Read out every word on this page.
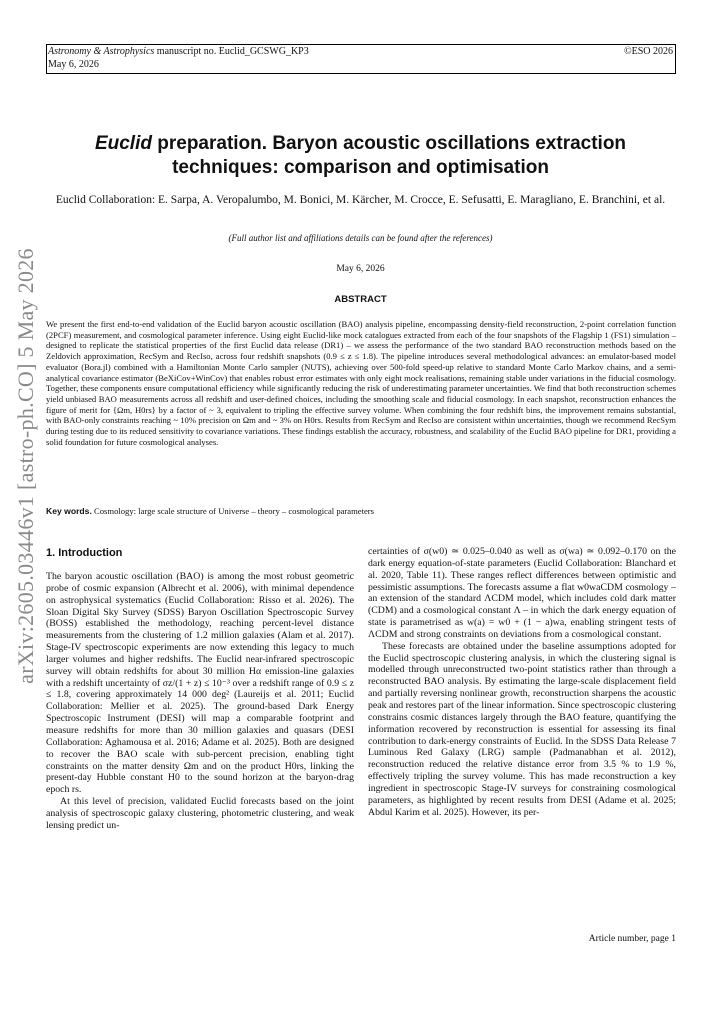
Astronomy & Astrophysics manuscript no. Euclid_GCSWG_KP3
May 6, 2026
©ESO 2026
arXiv:2605.03446v1 [astro-ph.CO] 5 May 2026
Euclid preparation. Baryon acoustic oscillations extraction techniques: comparison and optimisation
Euclid Collaboration: E. Sarpa, A. Veropalumbo, M. Bonici, M. Kärcher, M. Crocce, E. Sefusatti, E. Maragliano, E. Branchini, et al.
(Full author list and affiliations details can be found after the references)
May 6, 2026
ABSTRACT
We present the first end-to-end validation of the Euclid baryon acoustic oscillation (BAO) analysis pipeline, encompassing density-field reconstruction, 2-point correlation function (2PCF) measurement, and cosmological parameter inference. Using eight Euclid-like mock catalogues extracted from each of the four snapshots of the Flagship 1 (FS1) simulation – designed to replicate the statistical properties of the first Euclid data release (DR1) – we assess the performance of the two standard BAO reconstruction methods based on the Zeldovich approximation, RecSym and RecIso, across four redshift snapshots (0.9 ≤ z ≤ 1.8). The pipeline introduces several methodological advances: an emulator-based model evaluator (Bora.jl) combined with a Hamiltonian Monte Carlo sampler (NUTS), achieving over 500-fold speed-up relative to standard Monte Carlo Markov chains, and a semi-analytical covariance estimator (BeXiCov+WinCov) that enables robust error estimates with only eight mock realisations, remaining stable under variations in the fiducial cosmology. Together, these components ensure computational efficiency while significantly reducing the risk of underestimating parameter uncertainties. We find that both reconstruction schemes yield unbiased BAO measurements across all redshift and user-defined choices, including the smoothing scale and fiducial cosmology. In each snapshot, reconstruction enhances the figure of merit for {Ωm, H0rs} by a factor of ~ 3, equivalent to tripling the effective survey volume. When combining the four redshift bins, the improvement remains substantial, with BAO-only constraints reaching ~ 10% precision on Ωm and ~ 3% on H0rs. Results from RecSym and RecIso are consistent within uncertainties, though we recommend RecSym during testing due to its reduced sensitivity to covariance variations. These findings establish the accuracy, robustness, and scalability of the Euclid BAO pipeline for DR1, providing a solid foundation for future cosmological analyses.
Key words. Cosmology: large scale structure of Universe – theory – cosmological parameters
1. Introduction

The baryon acoustic oscillation (BAO) is among the most robust geometric probe of cosmic expansion (Albrecht et al. 2006), with minimal dependence on astrophysical systematics (Euclid Collaboration: Risso et al. 2026). The Sloan Digital Sky Survey (SDSS) Baryon Oscillation Spectroscopic Survey (BOSS) established the methodology, reaching percent-level distance measurements from the clustering of 1.2 million galaxies (Alam et al. 2017). Stage-IV spectroscopic experiments are now extending this legacy to much larger volumes and higher redshifts. The Euclid near-infrared spectroscopic survey will obtain redshifts for about 30 million Hα emission-line galaxies with a redshift uncertainty of σz/(1 + z) ≤ 10⁻³ over a redshift range of 0.9 ≤ z ≤ 1.8, covering approximately 14 000 deg² (Laureijs et al. 2011; Euclid Collaboration: Mellier et al. 2025). The ground-based Dark Energy Spectroscopic Instrument (DESI) will map a comparable footprint and measure redshifts for more than 30 million galaxies and quasars (DESI Collaboration: Aghamousa et al. 2016; Adame et al. 2025). Both are designed to recover the BAO scale with sub-percent precision, enabling tight constraints on the matter density Ωm and on the product H0rs, linking the present-day Hubble constant H0 to the sound horizon at the baryon-drag epoch rs.

At this level of precision, validated Euclid forecasts based on the joint analysis of spectroscopic galaxy clustering, photometric clustering, and weak lensing predict un-

certainties of σ(w0) ≃ 0.025–0.040 as well as σ(wa) ≃ 0.092–0.170 on the dark energy equation-of-state parameters (Euclid Collaboration: Blanchard et al. 2020, Table 11). These ranges reflect differences between optimistic and pessimistic assumptions. The forecasts assume a flat w0waCDM cosmology – an extension of the standard ΛCDM model, which includes cold dark matter (CDM) and a cosmological constant Λ – in which the dark energy equation of state is parametrised as w(a) = w0 + (1 − a)wa, enabling stringent tests of ΛCDM and strong constraints on deviations from a cosmological constant.

These forecasts are obtained under the baseline assumptions adopted for the Euclid spectroscopic clustering analysis, in which the clustering signal is modelled through unreconstructed two-point statistics rather than through a reconstructed BAO analysis. By estimating the large-scale displacement field and partially reversing nonlinear growth, reconstruction sharpens the acoustic peak and restores part of the linear information. Since spectroscopic clustering constrains cosmic distances largely through the BAO feature, quantifying the information recovered by reconstruction is essential for assessing its final contribution to dark-energy constraints of Euclid. In the SDSS Data Release 7 Luminous Red Galaxy (LRG) sample (Padmanabhan et al. 2012), reconstruction reduced the relative distance error from 3.5 % to 1.9 %, effectively tripling the survey volume. This has made reconstruction a key ingredient in spectroscopic Stage-IV surveys for constraining cosmological parameters, as highlighted by recent results from DESI (Adame et al. 2025; Abdul Karim et al. 2025). However, its per-

Article number, page 1
